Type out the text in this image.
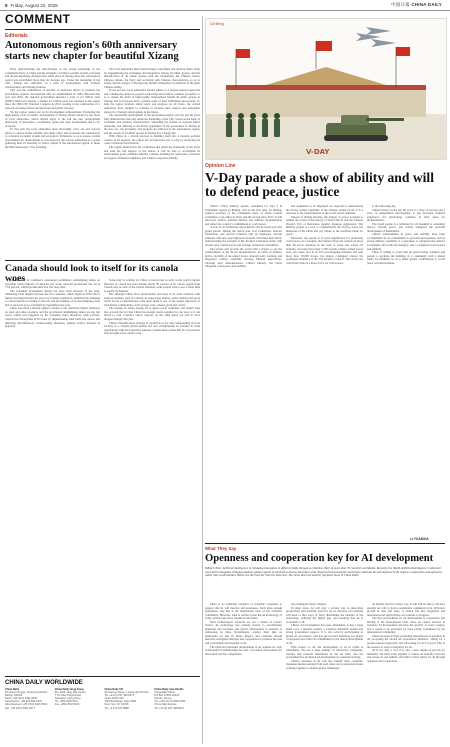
8 Friday, August 22, 2025	中国日报 CHINA DAILY
COMMENT
Editorials
Autonomous region's 60th anniversary starts new chapter for beautiful Xizang

Fully demonstrating the effectiveness of the strong leadership of the Communist Party of China and the strengths of China's socialist system, profound and all-encompassing changes have taken place in Xizang since the autonomous region was established more than six decades ago. Under the leadership of the CPC, Xizang has embarked on a path of development with Chinese characteristics and Xizang features.

This was the culmination of decades of dedicated efforts to promote the autonomous region's development after its establishment in 1965. Between that year and 2024, the regional government invested a total of 2.2 trillion yuan ($306.5 billion) in Xizang, a further 4.3 trillion yuan was invested in the region since the 18th CPC National Congress in 2012, leading to the construction of a network of transportation infrastructure and public services.

We the region cannot rest on its development achievements. Promoting the high-quality socio-economic development of Xizang should always be the focus of local authorities, which should apply to the full the new development philosophy of innovative, coordinated, green and open development that is for everyone.

To that end, the local authorities must thoroughly carry out and execute efforts to ensure border stability and ethnic unity, and accelerate the construction of a modern economic system and ecological civilization, so as to ensure a stable environment for development as was urged by the central authorities at a grand gathering held on Thursday in Lhasa, capital of the autonomous region, to mark the 60th anniversary of its founding.

The local authorities must unswervingly consolidate and develop ethnic unity by strengthening the exchanges and integration among all ethnic groups, and the identification of all ethnic groups with the motherland, the Chinese nation, Chinese culture, the Party and socialism with Chinese characteristics, so as to ensure that the people of Xizang truly identify themselves as members of the great Chinese family.

In the process, local authorities should adhere to a people-centered approach and continuously improve people's well-being and promote common prosperity so as to ensure the fruits of high-quality development benefit all ethnic groups in Xizang, and local people have a greater sense of gain, fulfillment and security. To help the region promote ethnic unity and progress on all fronts, the central authorities have pledged to continue to increase their support and strengthen support for Xizang's development in the future.

The remarkable development of the autonomous region over the past 60 years fully demonstrates that only under the leadership of the CPC, based on the basic of socialism with Chinese characteristics, upholding the system of regional ethnic autonomy, and adhering to the Party's guidelines on the governance of Xizang in the new era, can prosperity and progress be achieved in the autonomous region, and the people of all ethnic groups in Xizang live a happy life.

With China at a critical juncture in building itself into a modern socialist country in all respects, the region has an important role to play in advancing the cause of national rejuvenation.

The region should have the confidence that under the leadership of the Party and with the full support of the nation, it will be able to accomplish its development goals, maintain stability, continue building the region into a national ecological civilization highland, and achieve long-term stability.

Canada should look to itself for its canola woes

The Minister of Commerce announced preliminary antidumping duties on Canadian canola imports on Tuesday last week, with the provisional rate set at 75.8 percent, which became effective five days later.

The Canadian government should not have been unaware of the long-simmering trade dispute between the two countries, which began in 2019 after a further investigation into the sector by Chinese regulators confirmed the dumping of canola imports according to the law, and the findings of an anti-dumping probe that is expected to be concluded by September next year.

China also filed a lawsuit against Canada to the restrictive import measures on steel and other products, and the provisional antidumping duties are the last resort, which was triggered by the Canadian side's disastrous trade policies. Canada has disregarded WTO rules by implementing steel tariff-rate quotas and imposing discriminatory countervailing measures, putting China's interests in jeopardy.

Some may be waiting for China to back down as well, as the world's largest importer of canola has been buying nearly 60 percent of its canola output from Canada and, in view of the current situation, some people want to see a faster time to satisfy its demand.

But although China faces uncertainties and risks in its trade relations with some economies, such as Canada, its super-large market, stable demand and good credit record in international trade have made it one of the largest importers of agricultural commodities, such as beef, corn, oilseed, grain and canola.

The betting on China paying off is again overly optimistic and doesn't take into account the fact that China has enough canola supplies for one year, so it can afford to wait. Canada's canola exports, on the other hand, are said to have dropped sharply this year.

China's diversification strategy is conducive to not only safeguarding its food security in a volatile global market but also strengthening its position in trade negotiations with uncooperative partners. Canada must realize that its own policies have brought on its canola woes.

CHINA DAILY WORLDWIDE
China Daily
15 Huixin Dongjie, Chaoyang District,
Beijing 100029
News: +86 (0)10 6491 8366
Subscription: +86 400-699-0203
Advertisement: +86 (0)10 6491 8631
Fax: +86 (0)10 6491 8377
China Daily Hong Kong
Rm 1818, Hing Wai Centre,
7 Tin Wan Praya Road,
Aberdeen, Hong Kong
Tel: +852 2518 5111
Fax: +852 2518 5199
China Daily UK
90 Cannon Street, London EC4N 6HA
Tel: +44 (0) 207 398 8270
China Daily USA
1500 Broadway, Suite 2800
New York, NY 10036
Tel: +1 212 537 8888
China Daily Asia Pacific
China Daily Africa
PO Box 27281-00100
Nairobi, Kenya
Tel: +254 (0) 20 2692 0052
China Daily Europe
Tel: +44 (0) 207 398 8270
Cai Meng
V-DAY
Opinion Line
V-Day parade a show of ability and will to defend peace, justice

China's V-Day military parade, scheduled for Sept 3 in Tiananmen Square in Beijing, will be the first after Xi Jinping, general secretary of the Communist Party of China Central Committee, took office in 2012, and the second since 2015. It will showcase China's national defense and military modernization and reflect the country's commitment to world peace.

A total of 45 formations and echelons will be involved in the grand parade. During the march past, foot formations, land-air formations, and aircraft echelons will be displayed. Several echelons with new-type high-tech weapons will make their debut, demonstrating the strength of the People's Liberation Army with its new-type combat forces and strategic deterrence capabilities.

The parade will provide the world with a chance to see the achievements of the PLA's modernization, in terms of military tactics, mobility of the armed forces, strategic early warning, and integrated combat capability through Chinese innovations. Through such demonstrations, China's military can better safeguard world peace and stability.

and equipment to be displayed are expected to demonstrate the strong combat capability of the Chinese armed forces. It is a response to the transformation of the world and its demands.

Instead of flexing muscles, the display of power is meant to remind the world of the history of World War II and the Chinese People's War of Resistance Against Japanese Aggression. The military parade is a way to commemorate the victory, honor the memories of the fallen and pay tribute to the sacrifices made for peace.

Moreover, the parade is of great significance for promoting world peace. As of August, the Chinese Navy has carried out more than 48 escort missions in the Gulf of Aden and waters off Somalia, escorting more than 7,200 vessels. China's armed forces have also taken part in 25 UN peacekeeping missions and sent more than 50,000 troops, the largest contingent among the permanent members of the UN Security Council. This shows the world that China is a major force for world peace.

to the following day.

China's history in the last 80 years is a story of success and a story of independent development. It has provided valuable experience for developing countries in their quest for modernization.

The grand parade is a reminder for all mankind to remember history, cherish peace, and jointly safeguard the peaceful development of humankind.

China's achievements in peace and stability have been accomplished by its commitment to peaceful development, and its strong military capability is a guarantee to safeguard the nation's sovereignty and territorial integrity, and to safeguard world peace and stability.

China is willing to work with all peace-loving countries and people to promote the building of a community with a shared future for mankind, so as to make greater contributions to world peace and development.

LI YUANXIA
What They Say
Openness and cooperation key for AI development
Editor's Note: Artificial intelligence is reshaping innovation in different fields through a collective effort of more than 70 countries worldwide. Recently, the World Artificial Intelligence Conference was held in Shanghai, bringing together global experts in the field to discuss the future of AI. Experts from around the world have said that the development of AI requires cooperation and openness rather than confrontation. Below are the excerpts from the interview. The views don't necessarily represent those of China Daily.

There is no sufficient evidence or scientific consensus to suggest that AI will develop self-awareness. Such ideas remain hypotheses, and this is the mainstream view of the scientific community. However, what is certain is that the AI technology of today will become more capable in the future.

Such technological advances are not a matter of science fiction. AI technology has already started to revolutionize industries and societies, and global collaboration is essential to addressing its risks. Nevertheless, science must help us understand AI and its future impact, and countries should therefore strengthen dialogue and cooperation to promote the safe and controllable development of AI.

The rapid and sustained development of AI requires not only technological breakthroughs but also a favorable environment for innovation and fair competition.

also undergone major changes.

In other areas, AI will play a pivotal role in improving productivity and scientific research. As we advance, all countries will need to find ways of fairly distributing the benefits of the technology, reducing the digital gap, and ensuring that AI is accessible to all.

China's AI development has been remarkable. It has a large talent pool, a massive market, a complete industrial system and strong government support. It is also actively participating in global AI governance, and has put forward initiatives for global cooperation that reflect its commitment to the shared development of AI.

With respect to AI, the development of AI in China is remarkable. We see a huge number of innovative companies, startups and research institutions in the AI field, and the government has promoted AI development as a national strategy.

China's openness in AI will also benefit other countries. Openness means learning from each other, and cooperation means working together to address global challenges.

AI models used in a smart way. It will still be able to advance enough, not only to form a sustainable communal cycle. With new growth in data and users, it cannot fall into stagnation and international AI applications can continue to progress.

The first precondition for AI development is cooperation and sharing at the international level, since AI cannot develop in isolation. AI development involves the security of every country, and it needs to be governed by rules jointly formulated by the international community.

China has been actively promoting international cooperation in AI, proposing the Global AI Governance Initiative, calling for a people-centered approach, and advocating for AI for good. This is the essence of open cooperation for AI.

AI is not only a tool; it is also a new engine of growth for humanity. We must work together to ensure AI benefits everyone and leaves no one behind, and build a better future for all through openness and cooperation.
